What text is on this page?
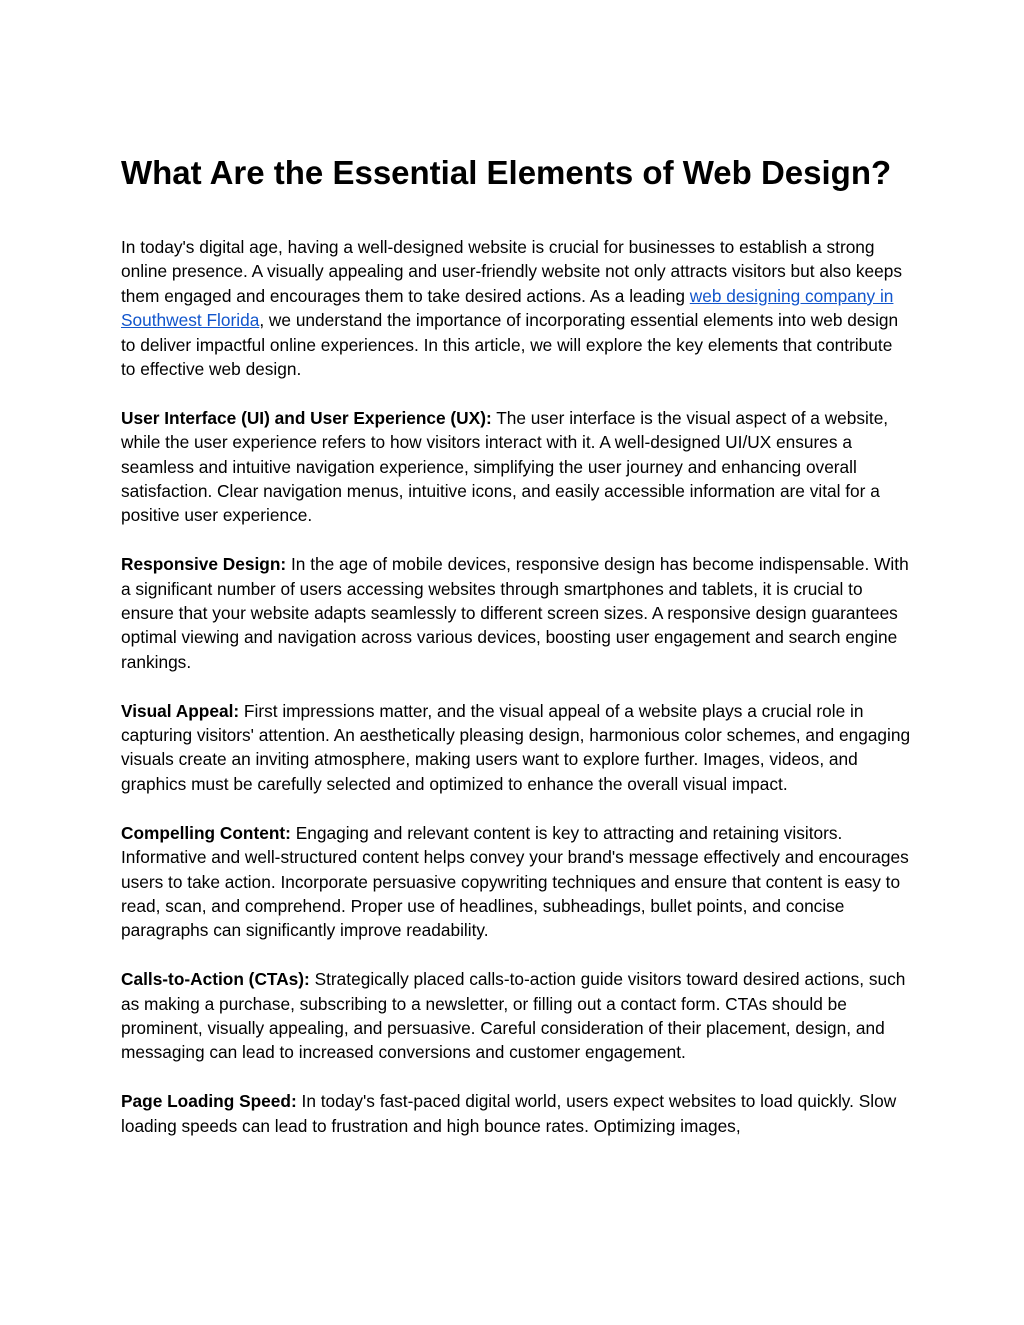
What Are the Essential Elements of Web Design?

In today's digital age, having a well-designed website is crucial for businesses to establish a strong online presence. A visually appealing and user-friendly website not only attracts visitors but also keeps them engaged and encourages them to take desired actions. As a leading web designing company in Southwest Florida, we understand the importance of incorporating essential elements into web design to deliver impactful online experiences. In this article, we will explore the key elements that contribute to effective web design.

User Interface (UI) and User Experience (UX): The user interface is the visual aspect of a website, while the user experience refers to how visitors interact with it. A well-designed UI/UX ensures a seamless and intuitive navigation experience, simplifying the user journey and enhancing overall satisfaction. Clear navigation menus, intuitive icons, and easily accessible information are vital for a positive user experience.

Responsive Design: In the age of mobile devices, responsive design has become indispensable. With a significant number of users accessing websites through smartphones and tablets, it is crucial to ensure that your website adapts seamlessly to different screen sizes. A responsive design guarantees optimal viewing and navigation across various devices, boosting user engagement and search engine rankings.

Visual Appeal: First impressions matter, and the visual appeal of a website plays a crucial role in capturing visitors' attention. An aesthetically pleasing design, harmonious color schemes, and engaging visuals create an inviting atmosphere, making users want to explore further. Images, videos, and graphics must be carefully selected and optimized to enhance the overall visual impact.

Compelling Content: Engaging and relevant content is key to attracting and retaining visitors. Informative and well-structured content helps convey your brand's message effectively and encourages users to take action. Incorporate persuasive copywriting techniques and ensure that content is easy to read, scan, and comprehend. Proper use of headlines, subheadings, bullet points, and concise paragraphs can significantly improve readability.

Calls-to-Action (CTAs): Strategically placed calls-to-action guide visitors toward desired actions, such as making a purchase, subscribing to a newsletter, or filling out a contact form. CTAs should be prominent, visually appealing, and persuasive. Careful consideration of their placement, design, and messaging can lead to increased conversions and customer engagement.

Page Loading Speed: In today's fast-paced digital world, users expect websites to load quickly. Slow loading speeds can lead to frustration and high bounce rates. Optimizing images,
